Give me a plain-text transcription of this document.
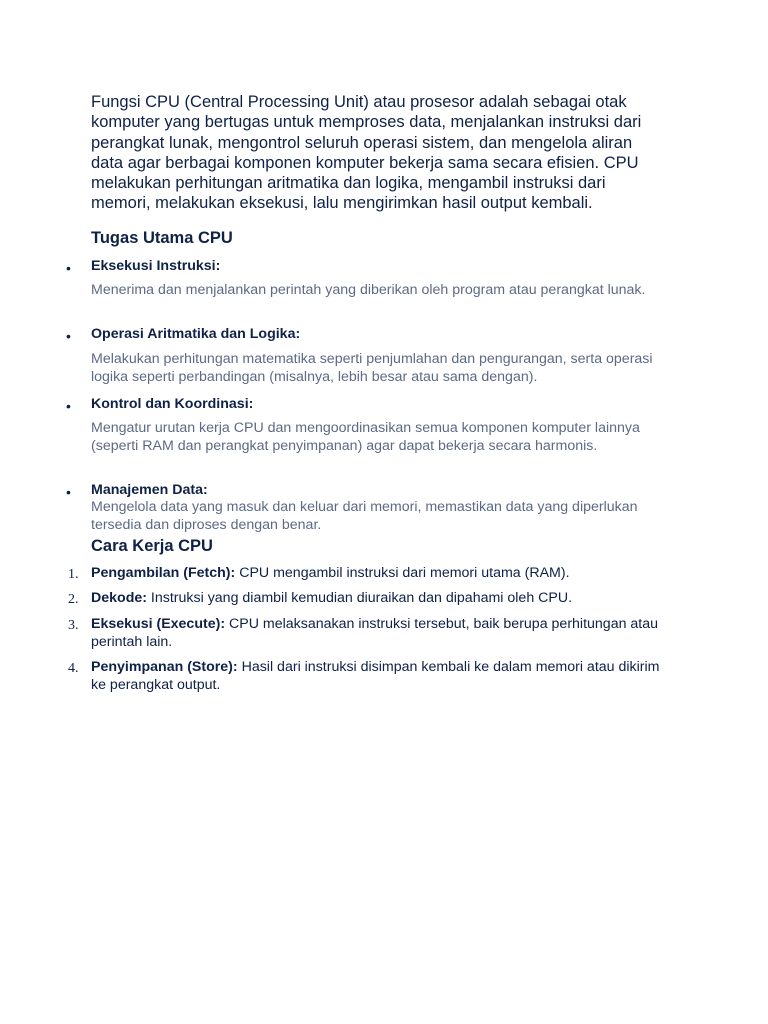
Fungsi CPU (Central Processing Unit) atau prosesor adalah sebagai otak komputer yang bertugas untuk memproses data, menjalankan instruksi dari perangkat lunak, mengontrol seluruh operasi sistem, dan mengelola aliran data agar berbagai komponen komputer bekerja sama secara efisien. CPU melakukan perhitungan aritmatika dan logika, mengambil instruksi dari memori, melakukan eksekusi, lalu mengirimkan hasil output kembali.

Tugas Utama CPU
• Eksekusi Instruksi:

Menerima dan menjalankan perintah yang diberikan oleh program atau perangkat lunak.

• Operasi Aritmatika dan Logika:

Melakukan perhitungan matematika seperti penjumlahan dan pengurangan, serta operasi logika seperti perbandingan (misalnya, lebih besar atau sama dengan).

• Kontrol dan Koordinasi:

Mengatur urutan kerja CPU dan mengoordinasikan semua komponen komputer lainnya (seperti RAM dan perangkat penyimpanan) agar dapat bekerja secara harmonis.

• Manajemen Data:

Mengelola data yang masuk dan keluar dari memori, memastikan data yang diperlukan tersedia dan diproses dengan benar.

Cara Kerja CPU
1. Pengambilan (Fetch): CPU mengambil instruksi dari memori utama (RAM).

2. Dekode: Instruksi yang diambil kemudian diuraikan dan dipahami oleh CPU.

3. Eksekusi (Execute): CPU melaksanakan instruksi tersebut, baik berupa perhitungan atau perintah lain.

4. Penyimpanan (Store): Hasil dari instruksi disimpan kembali ke dalam memori atau dikirim ke perangkat output.
